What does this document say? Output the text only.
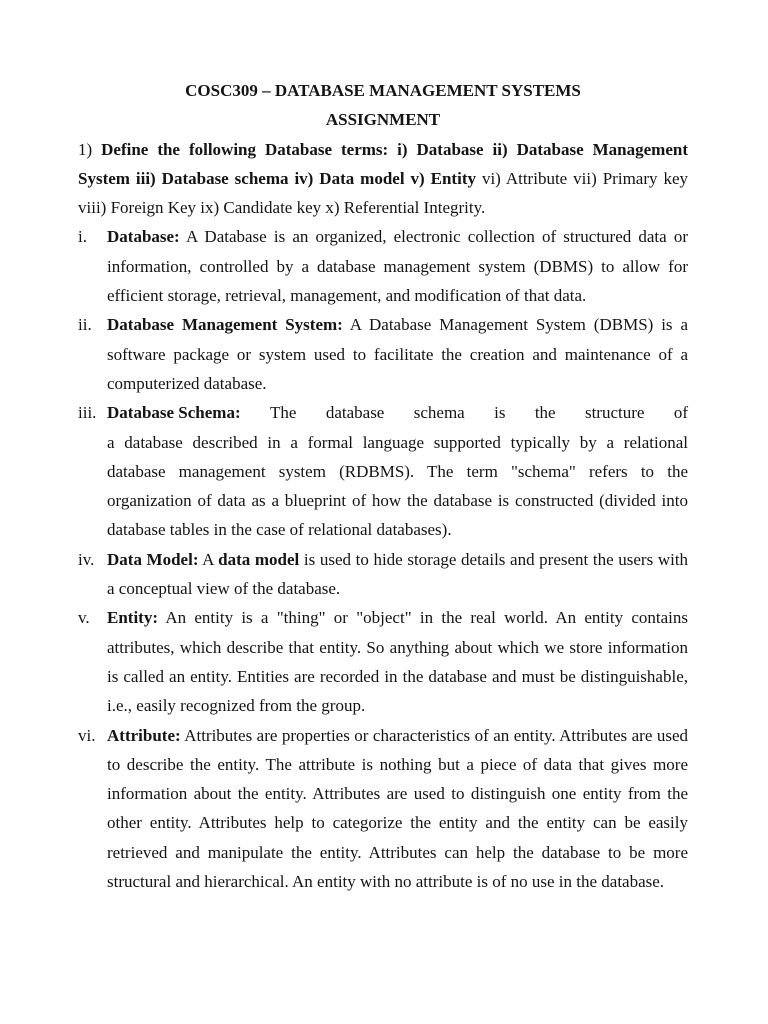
COSC309 – DATABASE MANAGEMENT SYSTEMS

ASSIGNMENT

1) Define the following Database terms: i) Database ii) Database Management System iii) Database schema iv) Data model v) Entity vi) Attribute vii) Primary key viii) Foreign Key ix) Candidate key x) Referential Integrity.

i.	Database: A Database is an organized, electronic collection of structured data or information, controlled by a database management system (DBMS) to allow for efficient storage, retrieval, management, and modification of that data.
ii. Database Management System: A Database Management System (DBMS) is a software package or system used to facilitate the creation and maintenance of a computerized database.
iii. Database Schema: The database schema is the structure of
a database described in a formal language supported typically by a relational database management system (RDBMS). The term "schema" refers to the organization of data as a blueprint of how the database is constructed (divided into database tables in the case of relational databases).
iv. Data Model: A data model is used to hide storage details and present the users with a conceptual view of the database.
v.	Entity: An entity is a "thing" or "object" in the real world. An entity contains attributes, which describe that entity. So anything about which we store information is called an entity. Entities are recorded in the database and must be distinguishable, i.e., easily recognized from the group.
vi. Attribute: Attributes are properties or characteristics of an entity. Attributes are used to describe the entity. The attribute is nothing but a piece of data that gives more information about the entity. Attributes are used to distinguish one entity from the other entity. Attributes help to categorize the entity and the entity can be easily retrieved and manipulate the entity. Attributes can help the database to be more structural and hierarchical. An entity with no attribute is of no use in the database.
